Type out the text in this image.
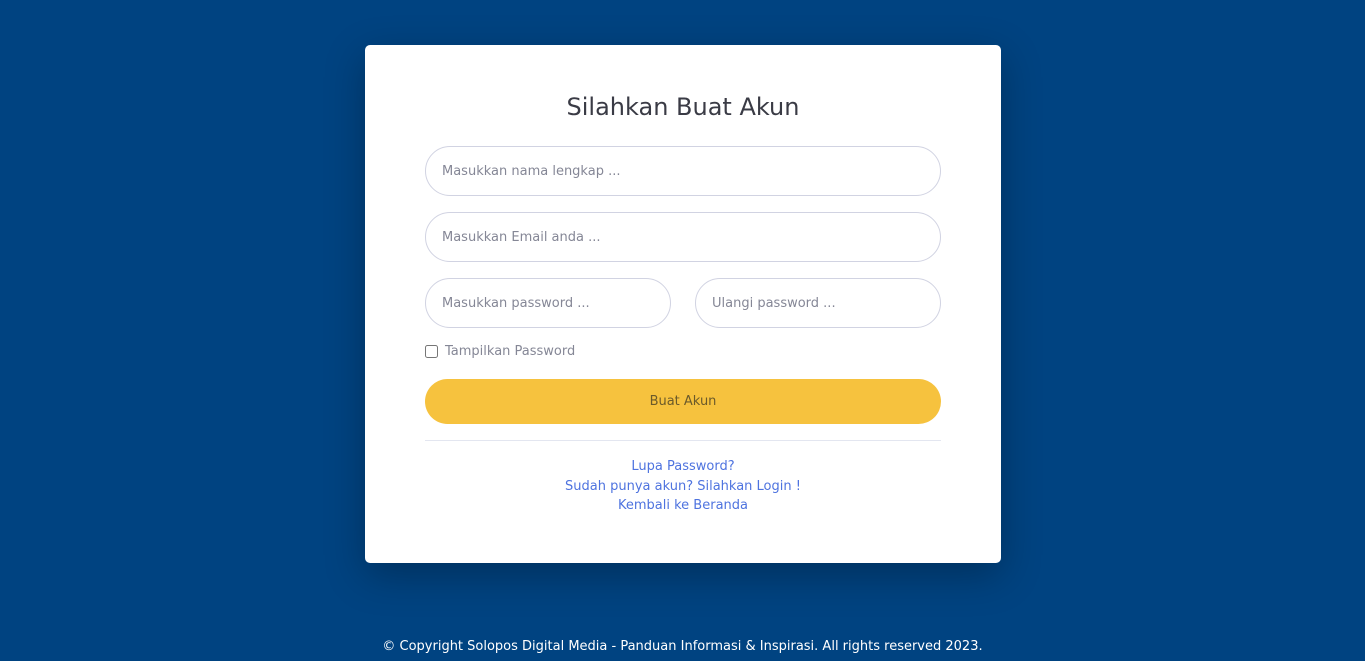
Silahkan Buat Akun
Masukkan nama lengkap ...
Masukkan Email anda ...
Tampilkan Password
Buat Akun
Lupa Password?
Sudah punya akun? Silahkan Login !
Kembali ke Beranda
© Copyright Solopos Digital Media - Panduan Informasi & Inspirasi. All rights reserved 2023.
